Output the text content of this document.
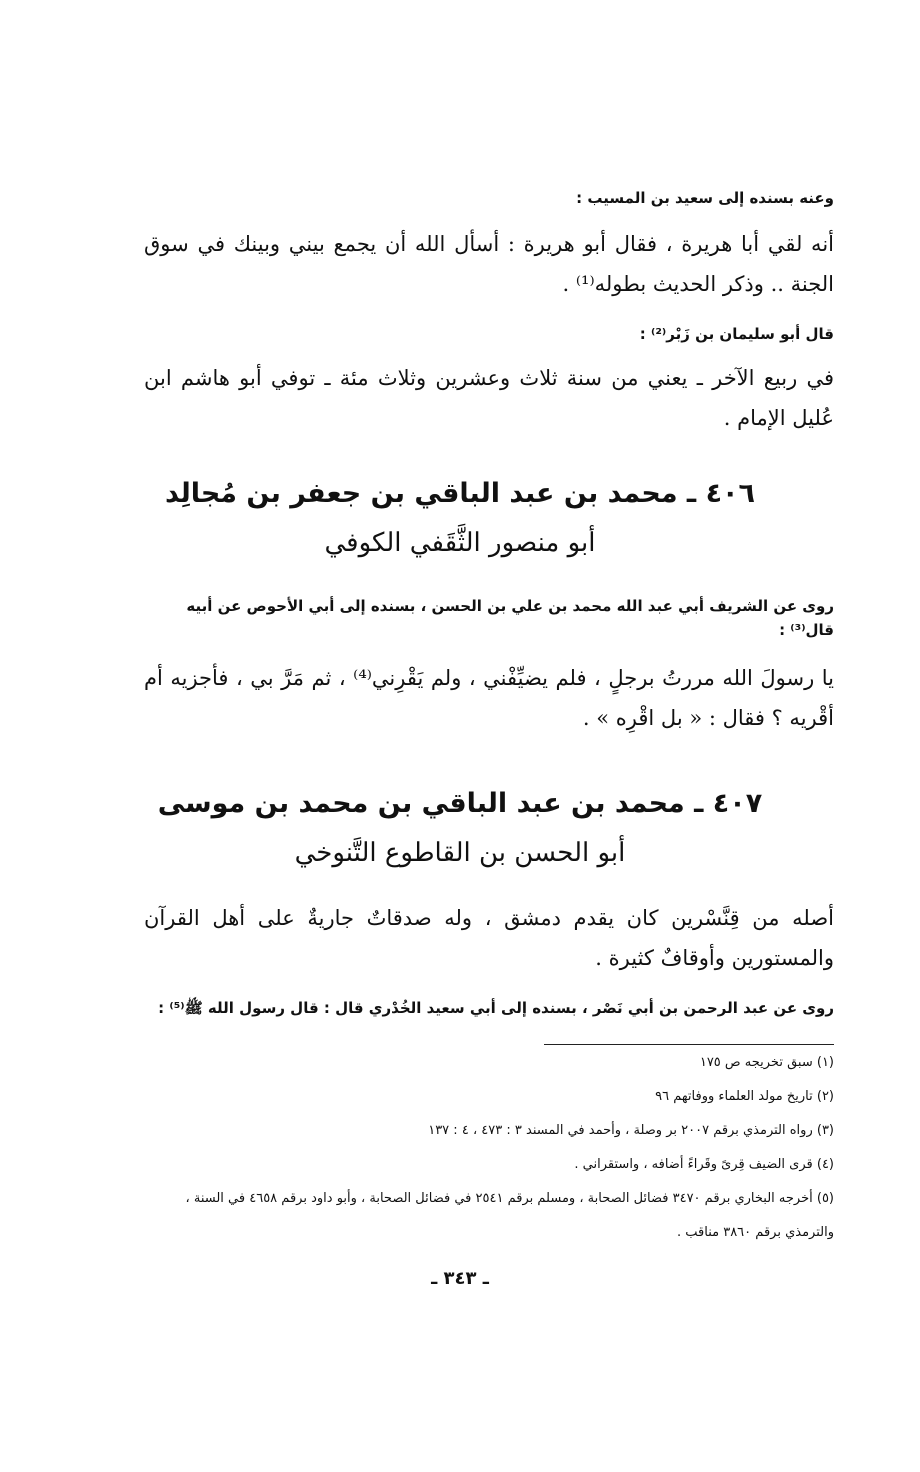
وعنه بسنده إلى سعيد بن المسيب :
أنه لقي أبا هريرة ، فقال أبو هريرة : أسأل الله أن يجمع بيني وبينك في سوق الجنة .. وذكر الحديث بطوله⁽¹⁾ .
قال أبو سليمان بن زَبْر⁽²⁾ :
في ربيع الآخر ـ يعني من سنة ثلاث وعشرين وثلاث مئة ـ توفي أبو هاشم ابن عُليل الإمام .
٤٠٦ ـ محمد بن عبد الباقي بن جعفر بن مُجالِد
أبو منصور الثَّقَفي الكوفي
روى عن الشريف أبي عبد الله محمد بن علي بن الحسن ، بسنده إلى أبي الأحوص عن أبيه قال⁽³⁾ :
يا رسولَ الله مررتُ برجلٍ ، فلم يضيِّفْني ، ولم يَقْرِني⁽⁴⁾ ، ثم مَرَّ بي ، فأجزيه أم أقْريه ؟ فقال : « بل اقْرِه » .
٤٠٧ ـ محمد بن عبد الباقي بن محمد بن موسى
أبو الحسن بن القاطوع التَّنوخي
أصله من قِنَّسْرين كان يقدم دمشق ، وله صدقاتٌ جاريةٌ على أهل القرآن والمستورين وأوقافٌ كثيرة .
روى عن عبد الرحمن بن أبي نَصْر ، بسنده إلى أبي سعيد الخُدْري قال : قال رسول الله ﷺ⁽⁵⁾ :
(١) سبق تخريجه ص ١٧٥
(٢) تاريخ مولد العلماء ووفاتهم ٩٦
(٣) رواه الترمذي برقم ٢٠٠٧ بر وصلة ، وأحمد في المسند ٣ : ٤٧٣ ، ٤ : ١٣٧
(٤) قرى الضيف قِرىً وقَراءً أضافه ، واستقراني .
(٥) أخرجه البخاري برقم ٣٤٧٠ فضائل الصحابة ، ومسلم برقم ٢٥٤١ في فضائل الصحابة ، وأبو داود برقم ٤٦٥٨ في السنة ، والترمذي برقم ٣٨٦٠ مناقب .
ـ ٣٤٣ ـ
